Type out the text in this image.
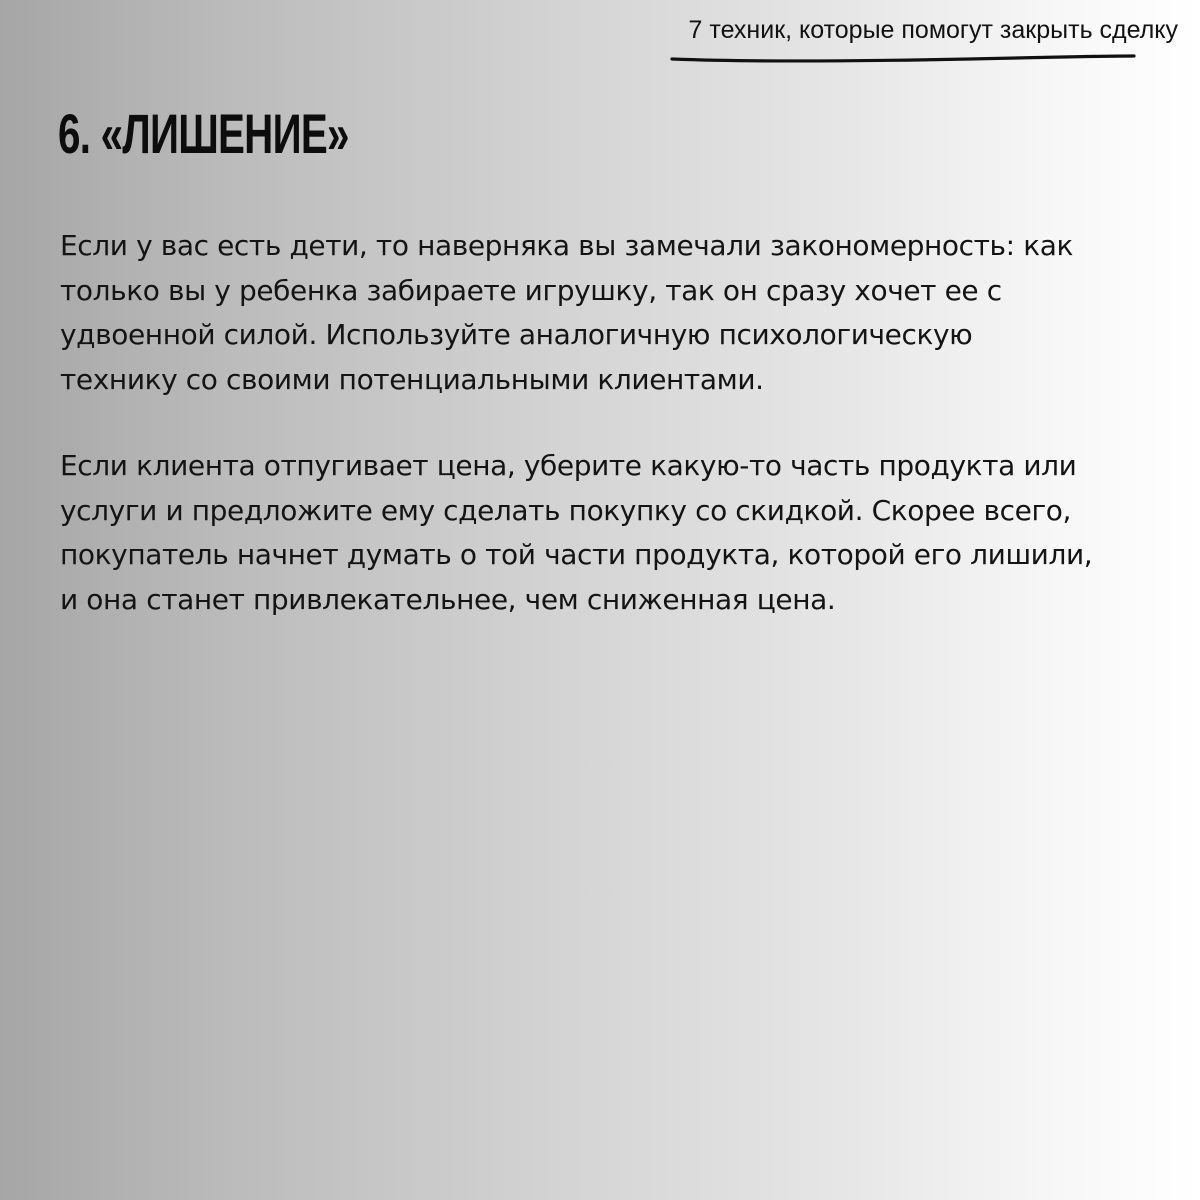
7 техник, которые помогут закрыть сделку
6. «ЛИШЕНИЕ»

Если у вас есть дети, то наверняка вы замечали закономерность: как
только вы у ребенка забираете игрушку, так он сразу хочет ее с
удвоенной силой. Используйте аналогичную психологическую
технику со своими потенциальными клиентами.

Если клиента отпугивает цена, уберите какую-то часть продукта или
услуги и предложите ему сделать покупку со скидкой. Скорее всего,
покупатель начнет думать о той части продукта, которой его лишили,
и она станет привлекательнее, чем сниженная цена.
